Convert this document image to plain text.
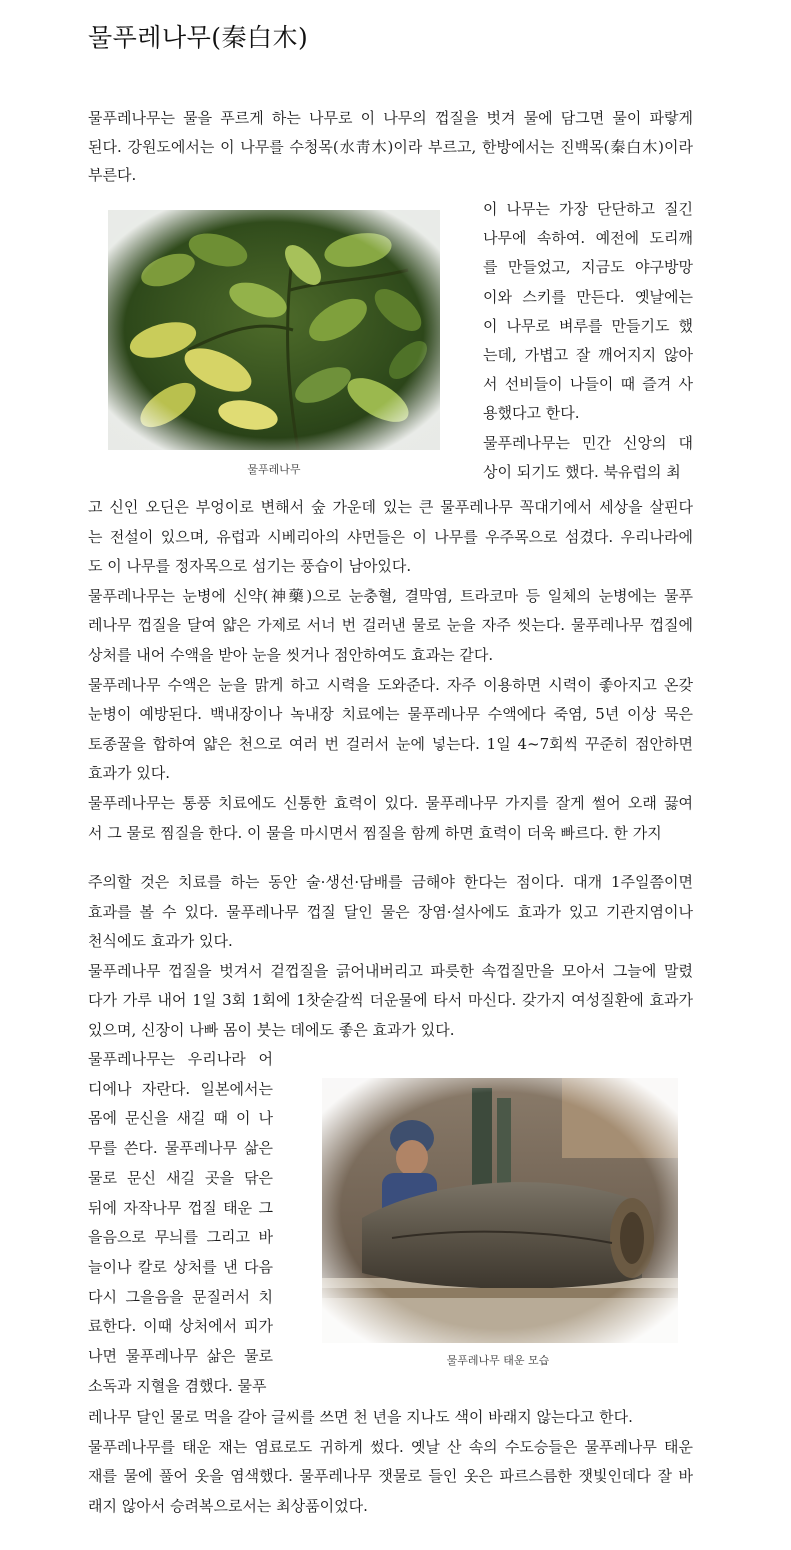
물푸레나무(秦白木)
물푸레나무는 물을 푸르게 하는 나무로 이 나무의 껍질을 벗겨 물에 담그면 물이 파랗게
된다. 강원도에서는 이 나무를 수청목(水靑木)이라 부르고, 한방에서는 진백목(秦白木)이라
부른다.
이 나무는 가장 단단하고 질긴
나무에 속하여. 예전에 도리깨
를 만들었고, 지금도 야구방망
이와 스키를 만든다. 옛날에는
이 나무로 벼루를 만들기도 했
는데, 가볍고 잘 깨어지지 않아
서 선비들이 나들이 때 즐겨 사
용했다고 한다.
물푸레나무는 민간 신앙의 대
상이 되기도 했다. 북유럽의 최
고 신인 오딘은 부엉이로 변해서 숲 가운데 있는 큰 물푸레나무 꼭대기에서 세상을 살핀다
는 전설이 있으며, 유럽과 시베리아의 샤먼들은 이 나무를 우주목으로 섬겼다. 우리나라에
도 이 나무를 정자목으로 섬기는 풍습이 남아있다.
물푸레나무는 눈병에 신약(神藥)으로 눈충혈, 결막염, 트라코마 등 일체의 눈병에는 물푸
레나무 껍질을 달여 얇은 가제로 서너 번 걸러낸 물로 눈을 자주 씻는다. 물푸레나무 껍질에
상처를 내어 수액을 받아 눈을 씻거나 점안하여도 효과는 같다.
물푸레나무 수액은 눈을 맑게 하고 시력을 도와준다. 자주 이용하면 시력이 좋아지고 온갖
눈병이 예방된다. 백내장이나 녹내장 치료에는 물푸레나무 수액에다 죽염, 5년 이상 묵은
토종꿀을 합하여 얇은 천으로 여러 번 걸러서 눈에 넣는다. 1일 4~7회씩 꾸준히 점안하면
효과가 있다.
물푸레나무는 통풍 치료에도 신통한 효력이 있다. 물푸레나무 가지를 잘게 썰어 오래 끓여
서 그 물로 찜질을 한다. 이 물을 마시면서 찜질을 함께 하면 효력이 더욱 빠르다. 한 가지
주의할 것은 치료를 하는 동안 술·생선·담배를 금해야 한다는 점이다. 대개 1주일쯤이면
효과를 볼 수 있다. 물푸레나무 껍질 달인 물은 장염·설사에도 효과가 있고 기관지염이나
천식에도 효과가 있다.
물푸레나무 껍질을 벗겨서 겉껍질을 긁어내버리고 파릇한 속껍질만을 모아서 그늘에 말렸
다가 가루 내어 1일 3회 1회에 1찻숟갈씩 더운물에 타서 마신다. 갖가지 여성질환에 효과가
있으며, 신장이 나빠 몸이 붓는 데에도 좋은 효과가 있다.
물푸레나무는 우리나라 어
디에나 자란다. 일본에서는
몸에 문신을 새길 때 이 나
무를 쓴다. 물푸레나무 삶은
물로 문신 새길 곳을 닦은
뒤에 자작나무 껍질 태운 그
을음으로 무늬를 그리고 바
늘이나 칼로 상처를 낸 다음
다시 그을음을 문질러서 치
료한다. 이때 상처에서 피가
나면 물푸레나무 삶은 물로
소독과 지혈을 겸했다. 물푸
레나무 달인 물로 먹을 갈아 글씨를 쓰면 천 년을 지나도 색이 바래지 않는다고 한다.
물푸레나무를 태운 재는 염료로도 귀하게 썼다. 옛날 산 속의 수도승들은 물푸레나무 태운
재를 물에 풀어 옷을 염색했다. 물푸레나무 잿물로 들인 옷은 파르스름한 잿빛인데다 잘 바
래지 않아서 승려복으로서는 최상품이었다.
물푸레나무
물푸레나무 태운 모습
